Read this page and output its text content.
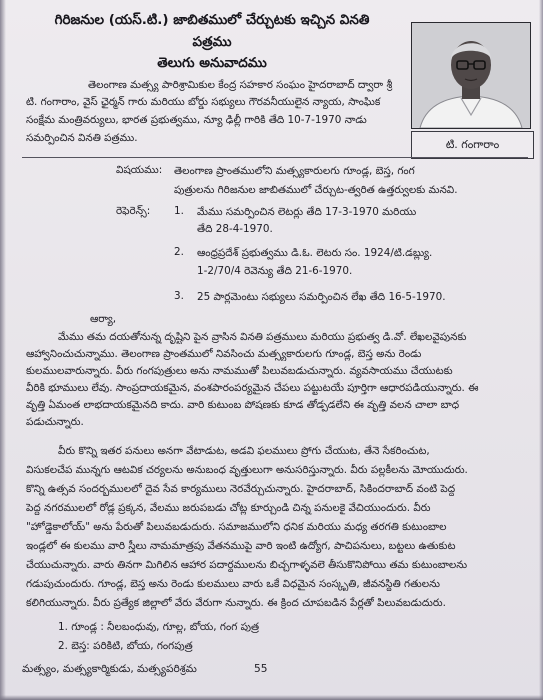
గిరిజనుల (యస్.టి.) జాబితములో చేర్చుటకు ఇచ్చిన వినతి
పత్రము
తెలుగు అనువాదము
టి. గంగారాం
తెలంగాణ మత్స్య పారిశ్రామికుల కేంద్ర సహకార సంఘం హైదరాబాద్ ద్వారా శ్రీ
టి. గంగారాం, వైస్ ఛైర్మన్ గారు మరియు బోర్డు సభ్యులు గౌరవనీయులైన న్యాయ, సాంఘిక
సంక్షేమ మంత్రివర్యులు, భారత ప్రభుత్వము, న్యూ ఢిల్లీ గారికి తేది 10-7-1970 నాడు
సమర్పించిన వినతి పత్రము.
విషయము: తెలంగాణ ప్రాంతములోని మత్స్యకారులగు గూండ్ల, బెస్త, గంగ
పుత్రులను గిరిజనుల జాబితములో చేర్చుట-త్వరిత ఉత్తర్వులకు మనవి.
రెఫెరెన్స్: 1. మేము సమర్పించిన లెటర్లు తేది 17-3-1970 మరియు
తేది 28-4-1970.
2. ఆంధ్రప్రదేశ్ ప్రభుత్వము డి.ఓ. లెటరు సం. 1924/టి.డబ్ల్యు.
1-2/70/4 రెవెన్యు తేది 21-6-1970.
3. 25 పార్లమెంటు సభ్యులు సమర్పించిన లేఖ తేది 16-5-1970.
ఆర్యా,
మేము తమ దయతోనున్న దృష్టిని పైన వ్రాసిన వినతి పత్రములు మరియు ప్రభుత్వ డి.వో. లేఖలవైపునకు
ఆహ్వానించుచున్నాము. తెలంగాణ ప్రాంతములో నివసించు మత్స్యకారులగు గూండ్ల, బెస్త అను రెండు
కులములవారున్నారు. వీరు గంగపుత్రులు అను నామముతో పిలువబడుచున్నారు. వ్యవసాయము చేయుటకు
వీరికి భూములు లేవు. సాంప్రదాయకమైన, వంశపారంపర్యమైన చేపలు పట్టుటయే పూర్తిగా ఆధారపడియున్నారు. ఈ
వృత్తి ఏమంత లాభదాయకమైనది కాదు. వారి కుటుంబ పోషణకు కూడ తోడ్పడలేని ఈ వృత్తి వలన చాలా బాధ
పడుచున్నారు.
వీరు కొన్ని ఇతర పనులు అనగా వేటాడుట, అడవి ఫలములు ప్రోగు చేయుట, తేనె సేకరించుట,
విసుకలచేప మున్నగు ఆటవిక చర్యలను అనుబంధ వృత్తులుగా అనుసరిస్తున్నారు. వీరు పల్లకీలను మోయుదురు.
కొన్ని ఉత్సవ సందర్భములలో దైవ సేవ కార్యములు నెరవేర్చుచున్నారు. హైదరాబాద్, సికిందరాబాద్ వంటి పెద్ద
పెద్ద నగరములలో రోడ్ల ప్రక్కన, వేలము జరుపబడు చోట్ల కూర్చుండి చిన్న పనులకై వేచియుందురు. వీరు
"హోడ్డెకాలోయ్" అను పేరుతో పిలువబడుదురు. సమాజములోని ధనిక మరియు మధ్య తరగతి కుటుంబాల
ఇండ్లలో ఈ కులము వారి స్త్రీలు నామమాత్రపు వేతనముపై వారి ఇంటి ఉద్యోగ, పాచిపనులు, బట్టలు ఉతుకుట
చేయుచున్నారు. వారు తినగా మిగిలిన ఆహార పదార్థములను బిచ్చగాళ్ళవలె తీసుకొనిపోయి తమ కుటుంబాలను
గడుపుచుందురు. గూండ్ల, బెస్త అను రెండు కులములు వారు ఒకే విధమైన సంస్కృతి, జీవనస్థితి గతులను
కలిగియున్నారు. వీరు ప్రత్యేక జిల్లాలో వేరు వేరుగా నున్నారు. ఈ క్రింద చూపబడిన పేర్లతో పిలువబడుదురు.
1. గూండ్ల : నీలబంధువు, గూల్ల, బోయ, గంగ పుత్ర
2. బెస్త: పరికిటి, బోయ, గంగపుత్ర
మత్స్యం, మత్స్యకార్మికుడు, మత్స్యపరిశ్రమ	55
